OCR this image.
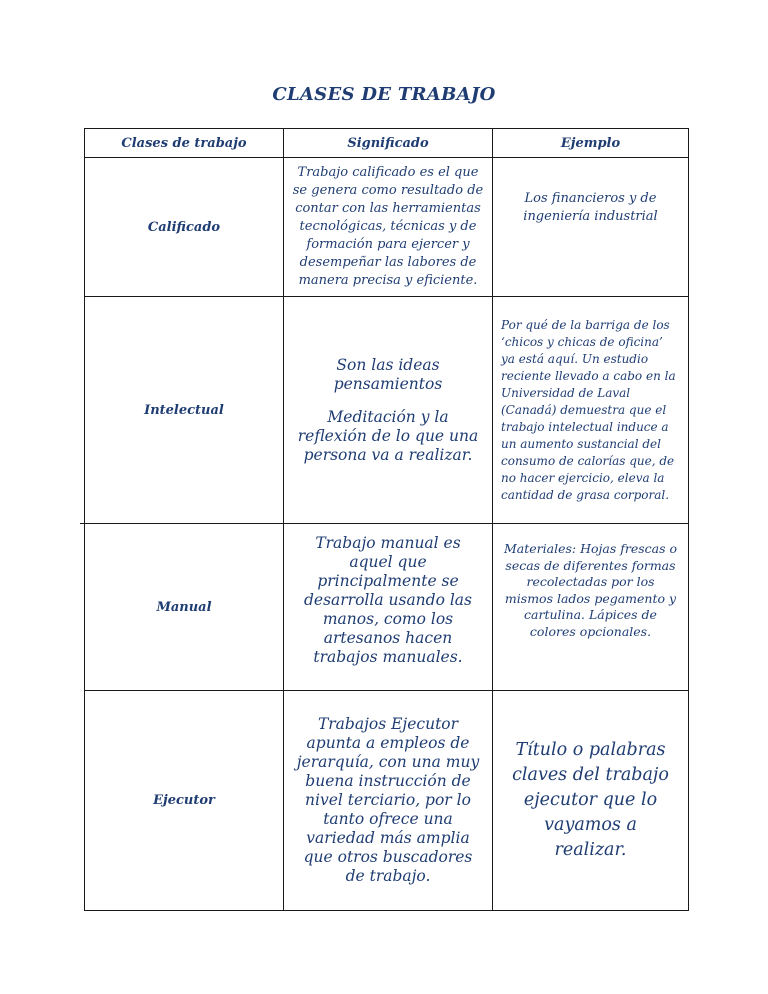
CLASES DE TRABAJO
Clases de trabajo	Significado	Ejemplo
Calificado
Trabajo calificado es el que se genera como resultado de contar con las herramientas tecnológicas, técnicas y de formación para ejercer y desempeñar las labores de manera precisa y eficiente.
Los financieros y de ingeniería industrial
Intelectual

Son las ideas pensamientos

Meditación y la reflexión de lo que una persona va a realizar.

Por qué de la barriga de los ‘chicos y chicas de oficina’ ya está aquí. Un estudio reciente llevado a cabo en la Universidad de Laval (Canadá) demuestra que el trabajo intelectual induce a un aumento sustancial del consumo de calorías que, de no hacer ejercicio, eleva la cantidad de grasa corporal.
Manual
Trabajo manual es aquel que principalmente se desarrolla usando las manos, como los artesanos hacen trabajos manuales.
Materiales: Hojas frescas o secas de diferentes formas recolectadas por los mismos lados pegamento y cartulina. Lápices de colores opcionales.
Ejecutor
Trabajos Ejecutor apunta a empleos de jerarquía, con una muy buena instrucción de nivel terciario, por lo tanto ofrece una variedad más amplia que otros buscadores de trabajo.
Título o palabras claves del trabajo ejecutor que lo vayamos a realizar.
